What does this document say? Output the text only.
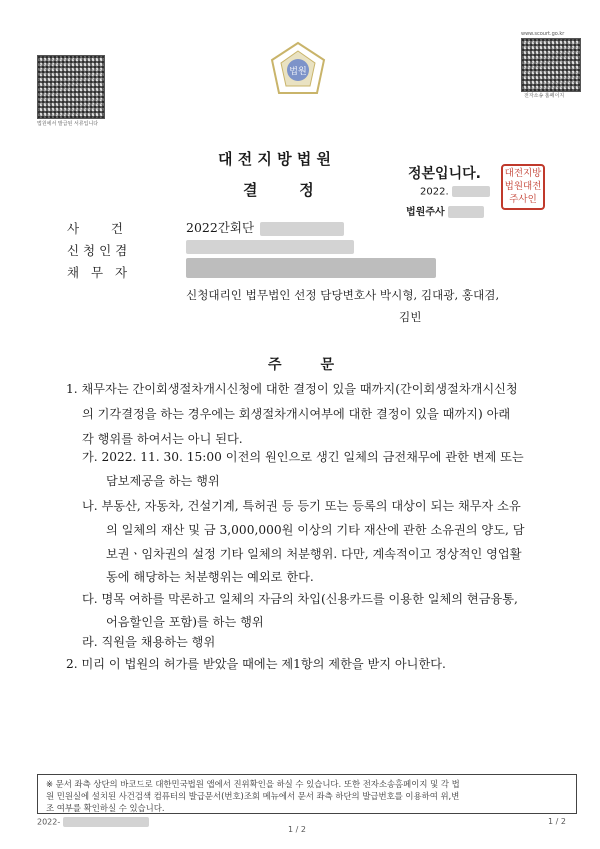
법원에서 발급된 서류입니다
www.scourt.go.kr
전자소송 홈페이지
법원
대 전 지 방 법 원
결        정
정본입니다.
2022.
법원주사
대전지방
법원대전
주사인
사        건	2022간회단
신 청 인 겸
채   무   자
신청대리인 법무법인 선정 담당변호사 박시형, 김대광, 홍대겸,
김빈
주        문
1. 채무자는 간이회생절차개시신청에 대한 결정이 있을 때까지(간이회생절차개시신청
의 기각결정을 하는 경우에는 회생절차개시여부에 대한 결정이 있을 때까지) 아래
각 행위를 하여서는 아니 된다.
가. 2022. 11. 30. 15:00 이전의 원인으로 생긴 일체의 금전채무에 관한 변제 또는
담보제공을 하는 행위
나. 부동산, 자동차, 건설기계, 특허권 등 등기 또는 등록의 대상이 되는 채무자 소유
의 일체의 재산 및 금 3,000,000원 이상의 기타 재산에 관한 소유권의 양도, 담
보권ㆍ임차권의 설정 기타 일체의 처분행위. 다만, 계속적이고 정상적인 영업활
동에 해당하는 처분행위는 예외로 한다.
다. 명목 여하를 막론하고 일체의 자금의 차입(신용카드를 이용한 일체의 현금융통,
어음할인을 포함)를 하는 행위
라. 직원을 채용하는 행위
2. 미리 이 법원의 허가를 받았을 때에는 제1항의 제한을 받지 아니한다.
※ 문서 좌측 상단의 바코드로 대한민국법원 앱에서 진위확인을 하실 수 있습니다. 또한 전자소송홈페이지 및 각 법
원 민원실에 설치된 사건검색 컴퓨터의 발급문서(번호)조회 메뉴에서 문서 좌측 하단의 발급번호를 이용하여 위,변
조 여부를 확인하실 수 있습니다.
2022-
1 / 2
1 / 2
